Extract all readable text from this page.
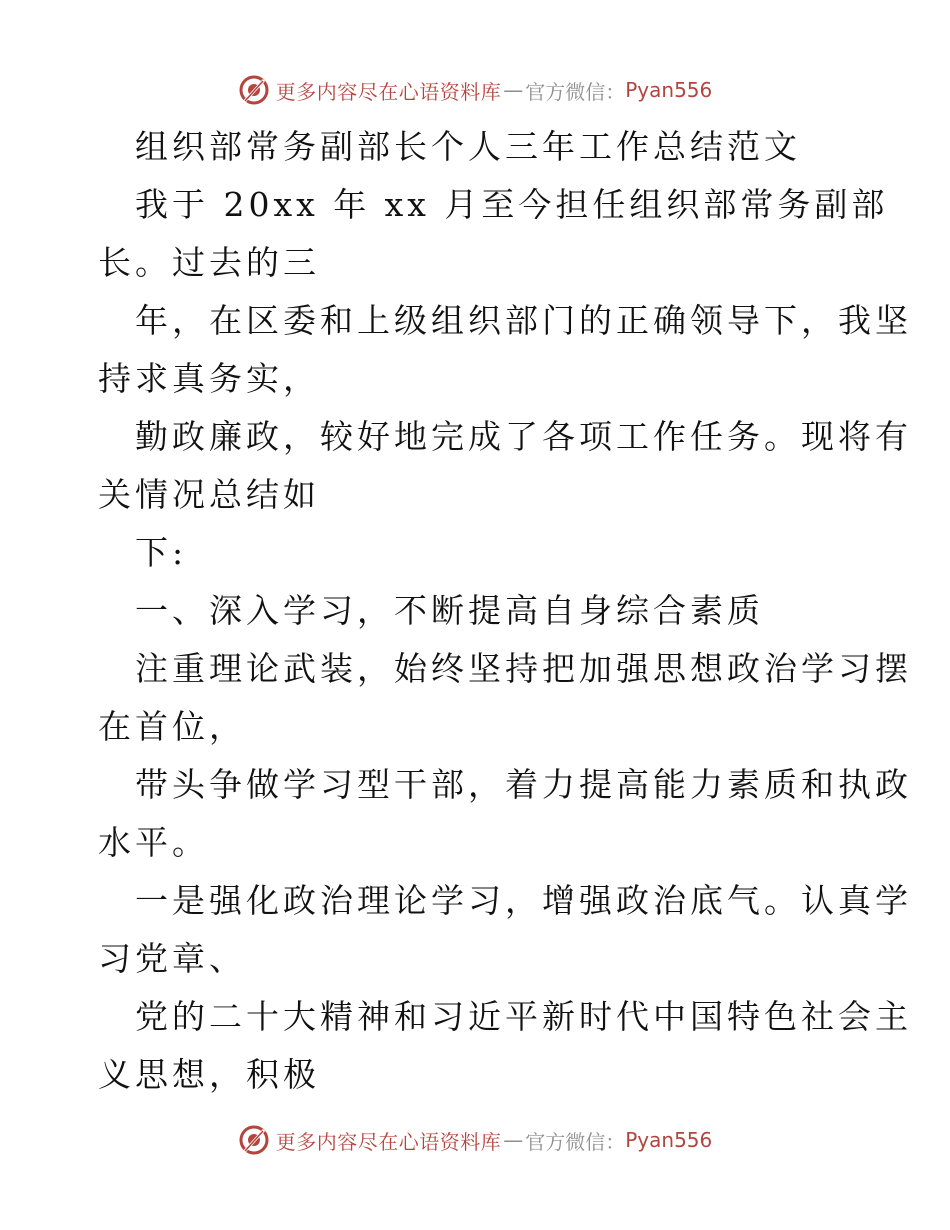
更多内容尽在心语资料库 — 官方微信： Pyan556
组织部常务副部长个人三年工作总结范文
我于 20xx 年 xx 月至今担任组织部常务副部
长。过去的三
年，在区委和上级组织部门的正确领导下，我坚
持求真务实，
勤政廉政，较好地完成了各项工作任务。现将有
关情况总结如
下:
一、深入学习，不断提高自身综合素质
注重理论武装，始终坚持把加强思想政治学习摆
在首位，
带头争做学习型干部，着力提高能力素质和执政
水平。
一是强化政治理论学习，增强政治底气。认真学
习党章、
党的二十大精神和习近平新时代中国特色社会主
义思想，积极
更多内容尽在心语资料库 — 官方微信： Pyan556
